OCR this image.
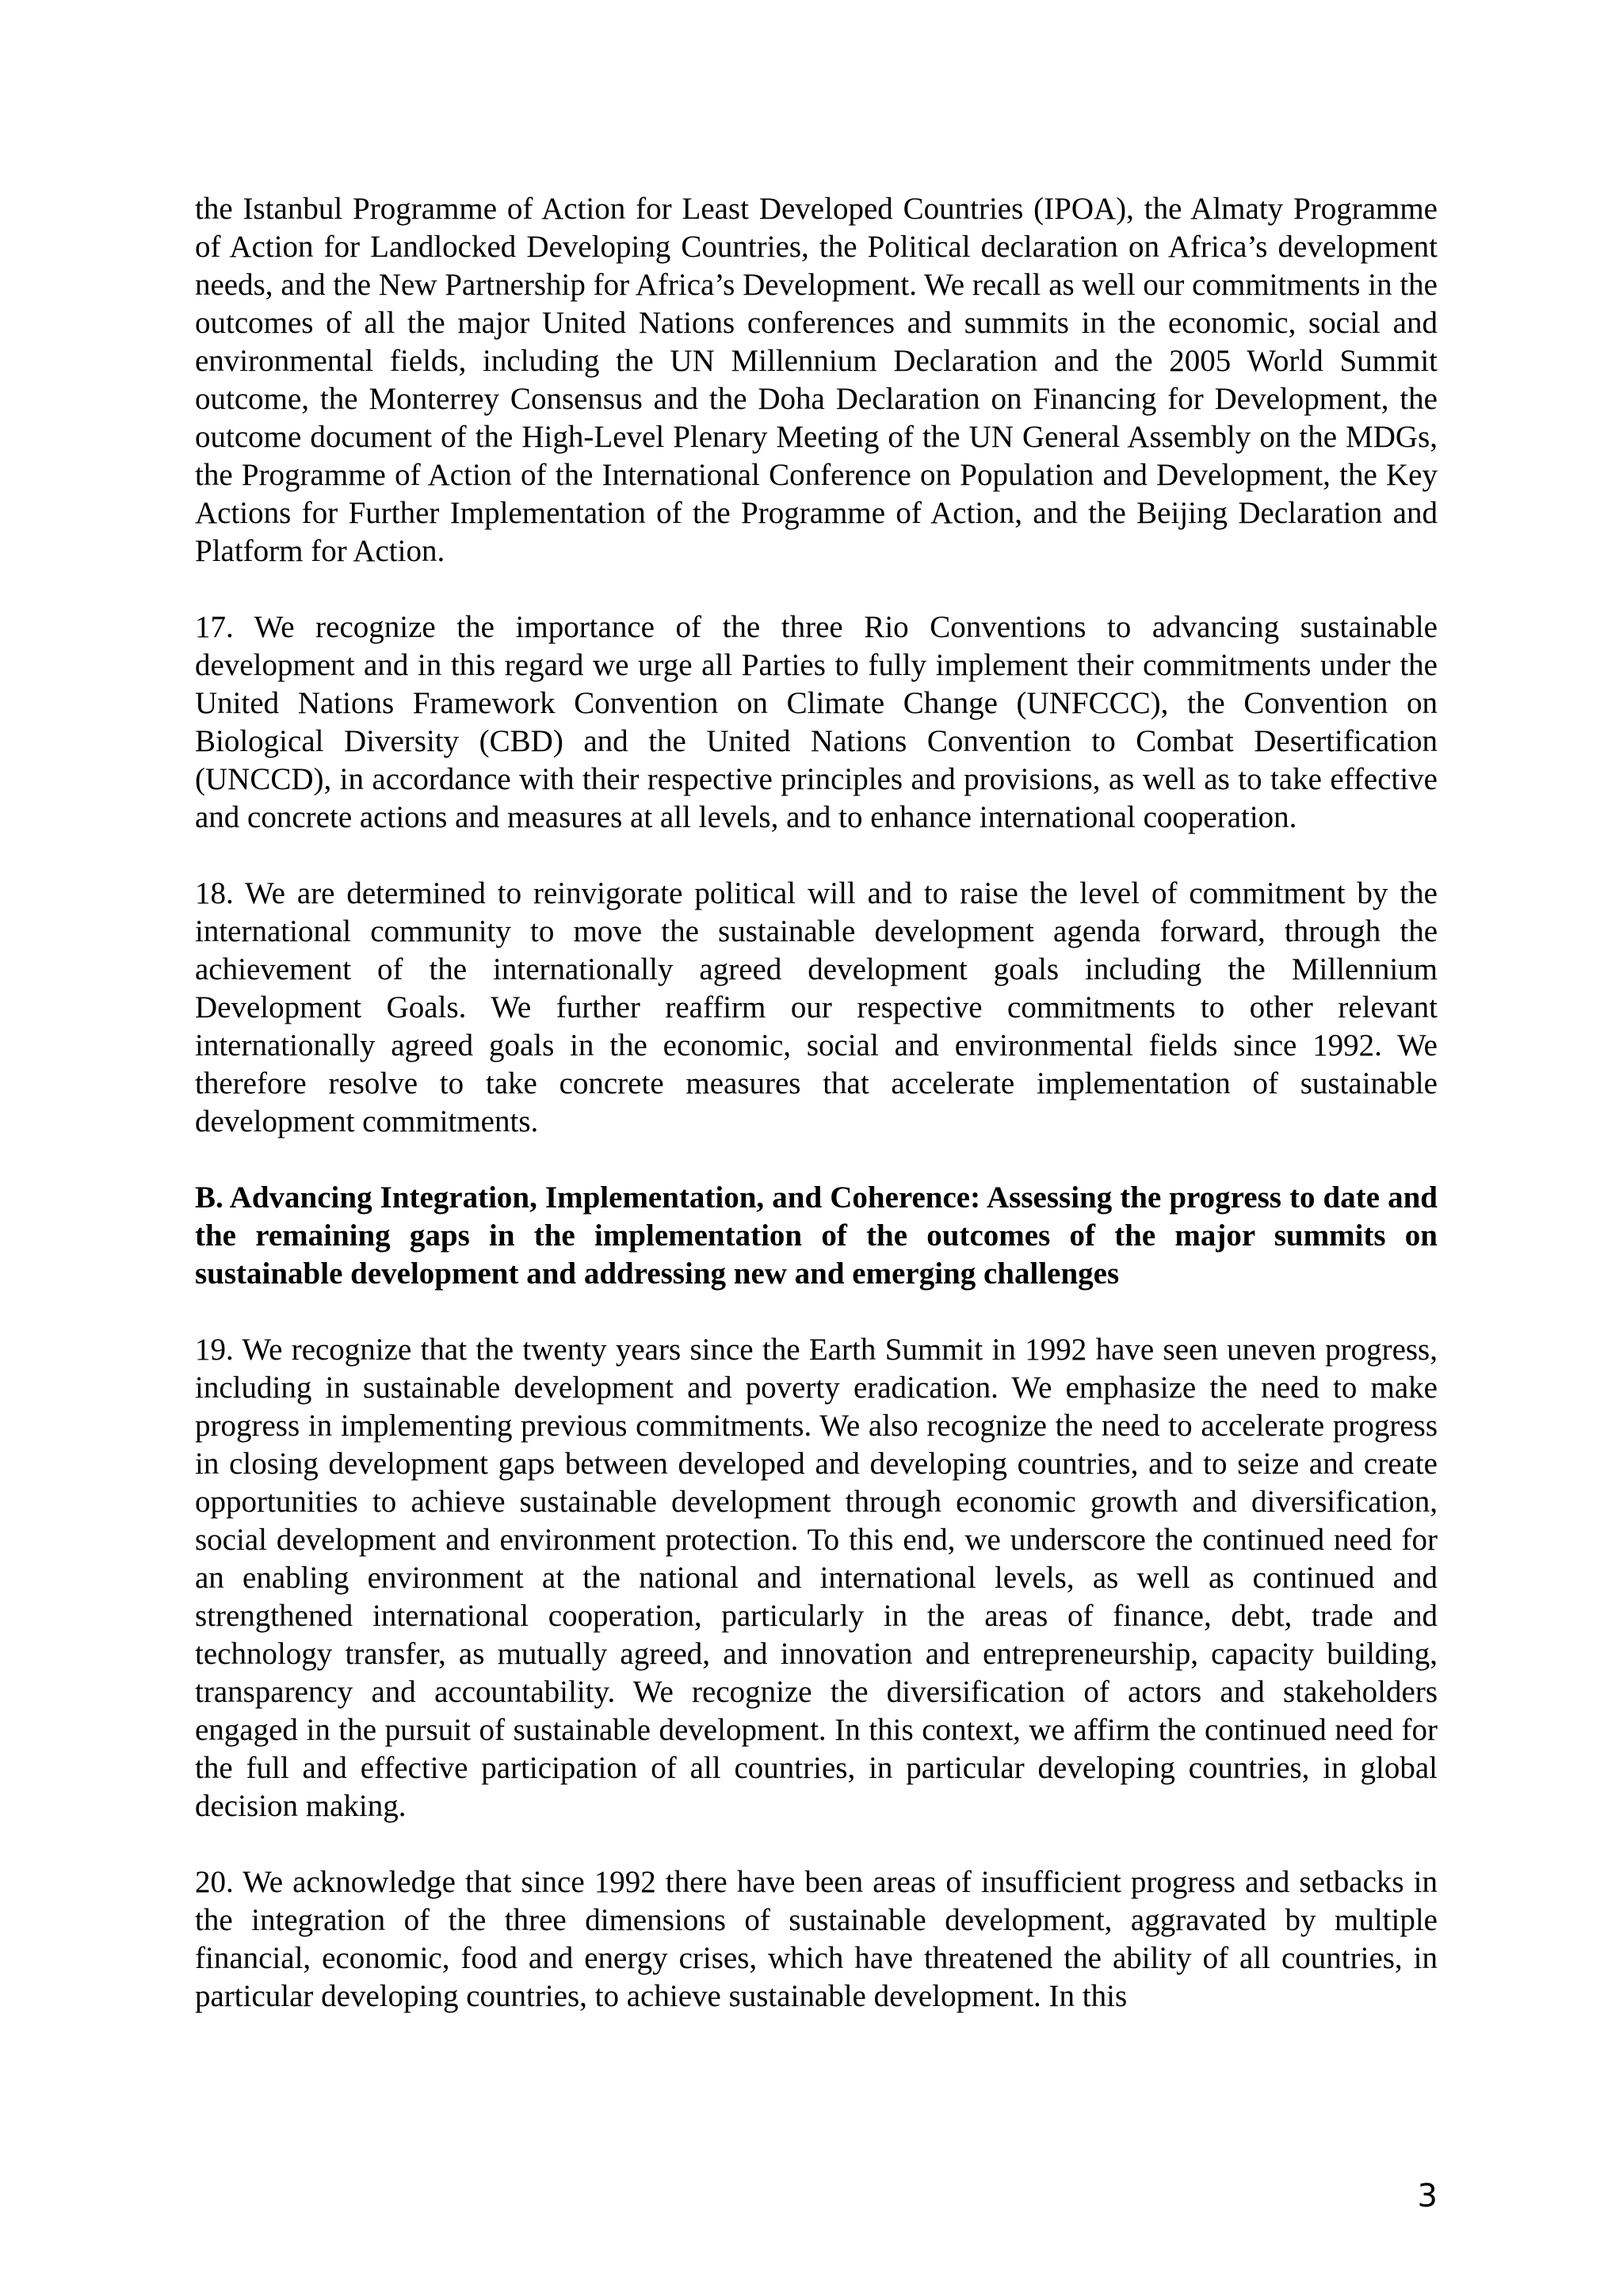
the Istanbul Programme of Action for Least Developed Countries (IPOA), the Almaty Programme of Action for Landlocked Developing Countries, the Political declaration on Africa’s development needs, and the New Partnership for Africa’s Development. We recall as well our commitments in the outcomes of all the major United Nations conferences and summits in the economic, social and environmental fields, including the UN Millennium Declaration and the 2005 World Summit outcome, the Monterrey Consensus and the Doha Declaration on Financing for Development, the outcome document of the High-Level Plenary Meeting of the UN General Assembly on the MDGs, the Programme of Action of the International Conference on Population and Development, the Key Actions for Further Implementation of the Programme of Action, and the Beijing Declaration and Platform for Action.

17. We recognize the importance of the three Rio Conventions to advancing sustainable development and in this regard we urge all Parties to fully implement their commitments under the United Nations Framework Convention on Climate Change (UNFCCC), the Convention on Biological Diversity (CBD) and the United Nations Convention to Combat Desertification (UNCCD), in accordance with their respective principles and provisions, as well as to take effective and concrete actions and measures at all levels, and to enhance international cooperation.

18. We are determined to reinvigorate political will and to raise the level of commitment by the international community to move the sustainable development agenda forward, through the achievement of the internationally agreed development goals including the Millennium Development Goals. We further reaffirm our respective commitments to other relevant internationally agreed goals in the economic, social and environmental fields since 1992. We therefore resolve to take concrete measures that accelerate implementation of sustainable development commitments.

B. Advancing Integration, Implementation, and Coherence: Assessing the progress to date and the remaining gaps in the implementation of the outcomes of the major summits on sustainable development and addressing new and emerging challenges

19. We recognize that the twenty years since the Earth Summit in 1992 have seen uneven progress, including in sustainable development and poverty eradication. We emphasize the need to make progress in implementing previous commitments. We also recognize the need to accelerate progress in closing development gaps between developed and developing countries, and to seize and create opportunities to achieve sustainable development through economic growth and diversification, social development and environment protection. To this end, we underscore the continued need for an enabling environment at the national and international levels, as well as continued and strengthened international cooperation, particularly in the areas of finance, debt, trade and technology transfer, as mutually agreed, and innovation and entrepreneurship, capacity building, transparency and accountability. We recognize the diversification of actors and stakeholders engaged in the pursuit of sustainable development. In this context, we affirm the continued need for the full and effective participation of all countries, in particular developing countries, in global decision making.

20. We acknowledge that since 1992 there have been areas of insufficient progress and setbacks in the integration of the three dimensions of sustainable development, aggravated by multiple financial, economic, food and energy crises, which have threatened the ability of all countries, in particular developing countries, to achieve sustainable development. In this

3
